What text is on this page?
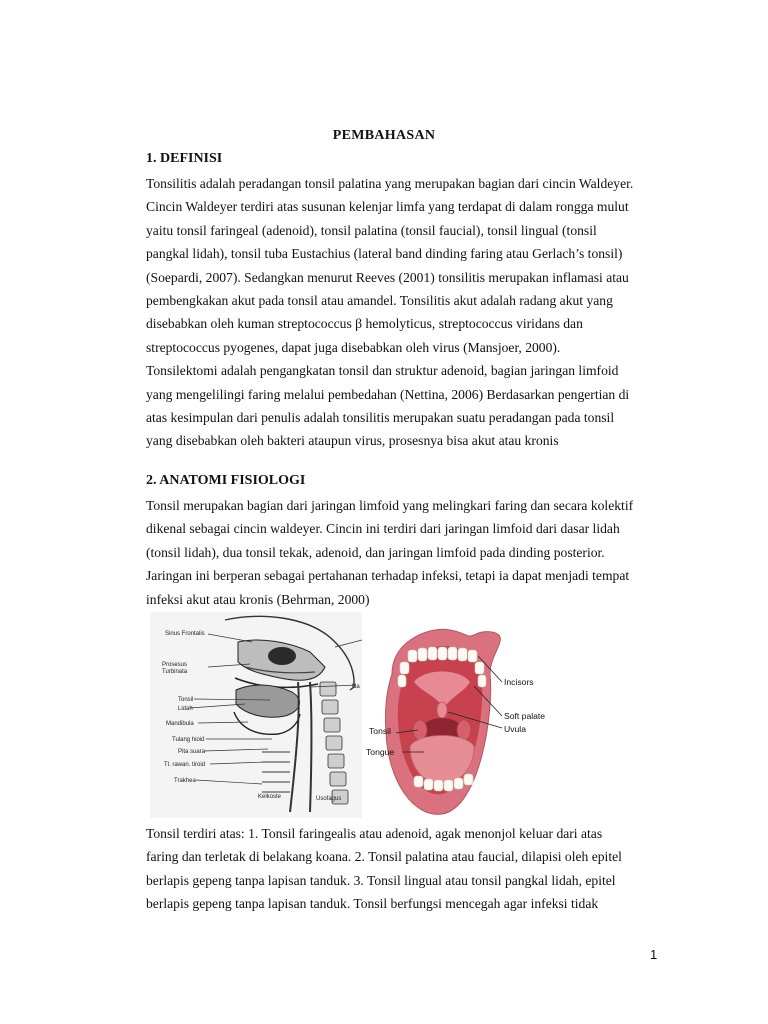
PEMBAHASAN
1. DEFINISI
Tonsilitis adalah peradangan tonsil palatina yang merupakan bagian dari cincin Waldeyer.
Cincin Waldeyer terdiri atas susunan kelenjar limfa yang terdapat di dalam rongga mulut
yaitu tonsil faringeal (adenoid), tonsil palatina (tonsil faucial), tonsil lingual (tonsil
pangkal lidah), tonsil tuba Eustachius (lateral band dinding faring atau Gerlach’s tonsil)
(Soepardi, 2007). Sedangkan menurut Reeves (2001) tonsilitis merupakan inflamasi atau
pembengkakan akut pada tonsil atau amandel. Tonsilitis akut adalah radang akut yang
disebabkan oleh kuman streptococcus β hemolyticus, streptococcus viridans dan
streptococcus pyogenes, dapat juga disebabkan oleh virus (Mansjoer, 2000).
Tonsilektomi adalah pengangkatan tonsil dan struktur adenoid, bagian jaringan limfoid
yang mengelilingi faring melalui pembedahan (Nettina, 2006) Berdasarkan pengertian di
atas kesimpulan dari penulis adalah tonsilitis merupakan suatu peradangan pada tonsil
yang disebabkan oleh bakteri ataupun virus, prosesnya bisa akut atau kronis
2. ANATOMI FISIOLOGI
Tonsil merupakan bagian dari jaringan limfoid yang melingkari faring dan secara kolektif
dikenal sebagai cincin waldeyer. Cincin ini terdiri dari jaringan limfoid dari dasar lidah
(tonsil lidah), dua tonsil tekak, adenoid, dan jaringan limfoid pada dinding posterior.
Jaringan ini berperan sebagai pertahanan terhadap infeksi, tetapi ia dapat menjadi tempat
infeksi akut atau kronis (Behrman, 2000)
Sinus Frontalis
Prosesus
Turbinata
Tonsil
Lidah
Mandibula
Tulang hioid
Pita suara
Tl. rawan. tiroid
Trakhea
Kelkoste	Usofagus
Na	Incisors
Soft palate
Uvula
Tonsil
Tongue
Tonsil terdiri atas: 1. Tonsil faringealis atau adenoid, agak menonjol keluar dari atas
faring dan terletak di belakang koana. 2. Tonsil palatina atau faucial, dilapisi oleh epitel
berlapis gepeng tanpa lapisan tanduk. 3. Tonsil lingual atau tonsil pangkal lidah, epitel
berlapis gepeng tanpa lapisan tanduk. Tonsil berfungsi mencegah agar infeksi tidak
1
